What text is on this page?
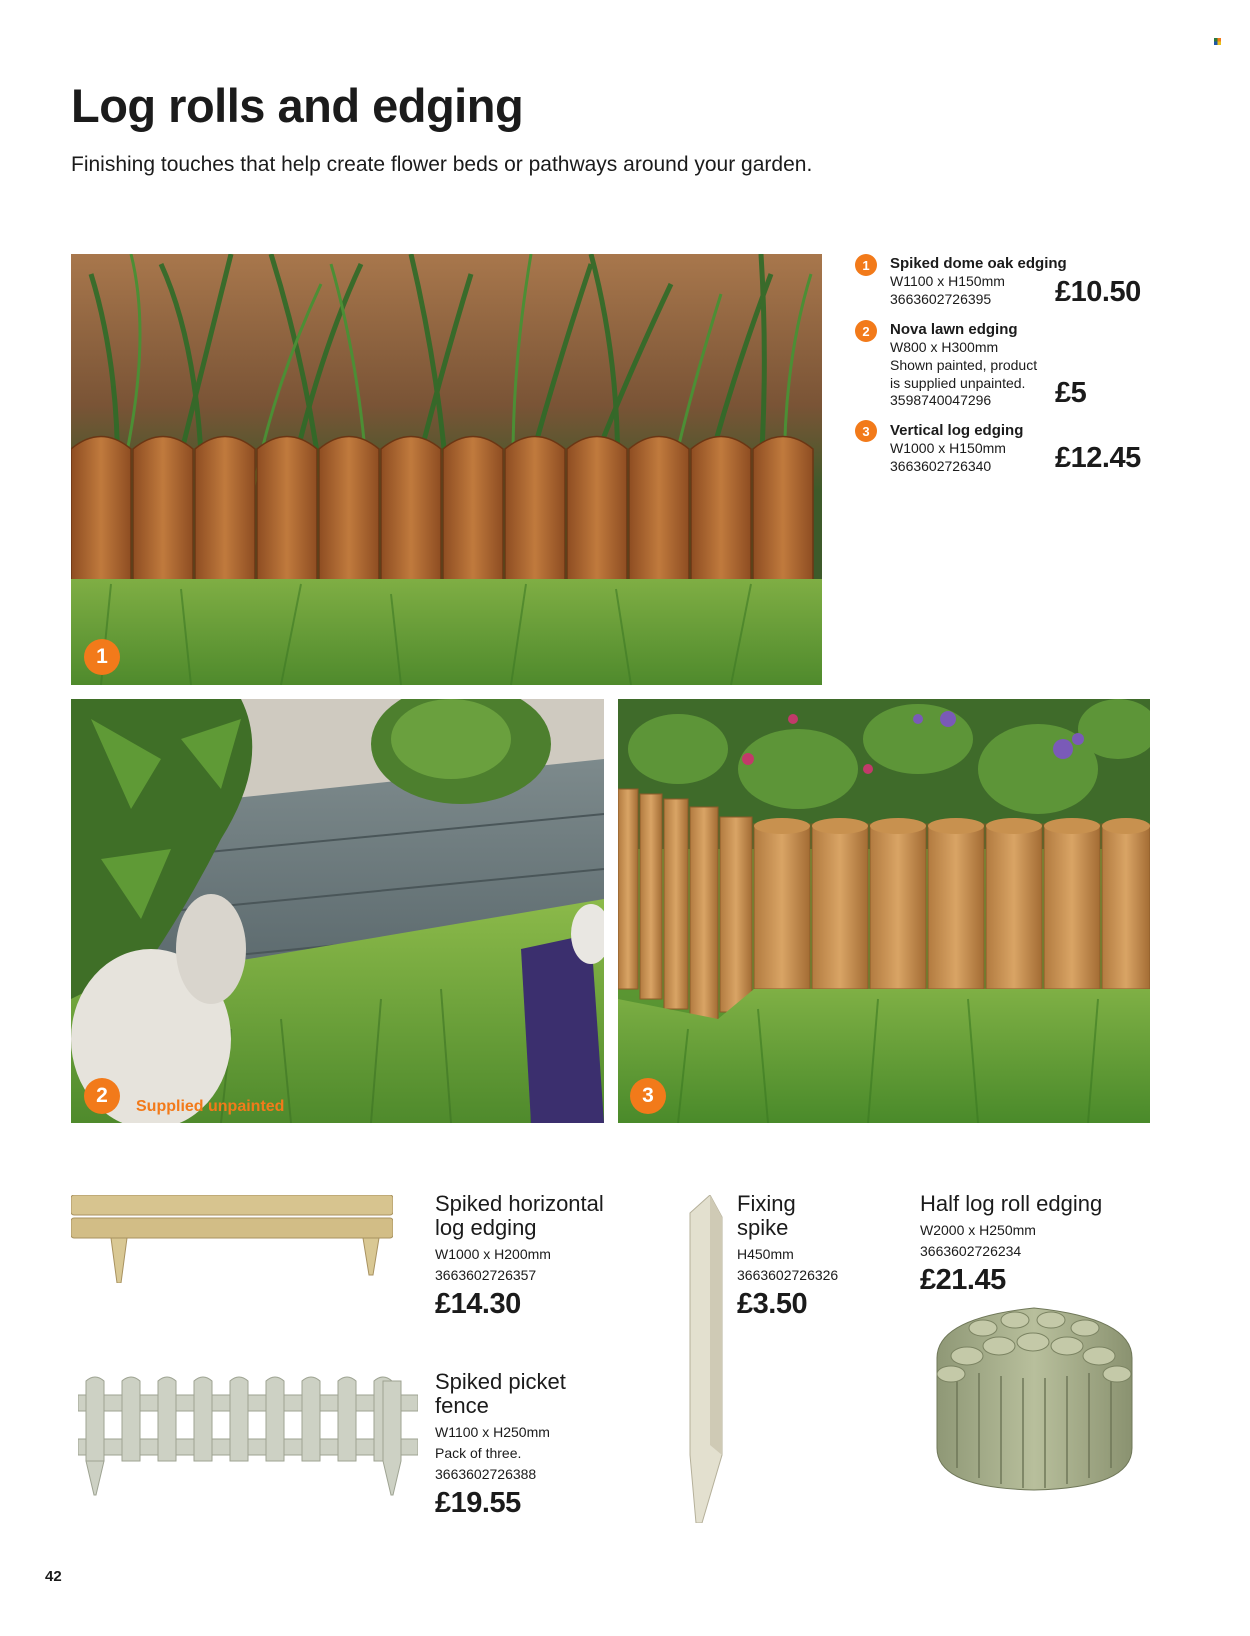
Log rolls and edging

Finishing touches that help create flower beds or pathways around your garden.

1
1	Spiked dome oak edging
W1100 x H150mm
3663602726395 £10.50
2	Nova lawn edging
W800 x H300mm
Shown painted, product
is supplied unpainted.
3598740047296 £5
3	Vertical log edging
W1000 x H150mm
3663602726340 £12.45
2	Supplied unpainted	3
Spiked horizontal
log edging
W1000 x H200mm
3663602726357
£14.30
Fixing
spike
H450mm
3663602726326
£3.50
Half log roll edging
W2000 x H250mm
3663602726234
£21.45
Spiked picket
fence
W1100 x H250mm
Pack of three.
3663602726388
£19.55
42
